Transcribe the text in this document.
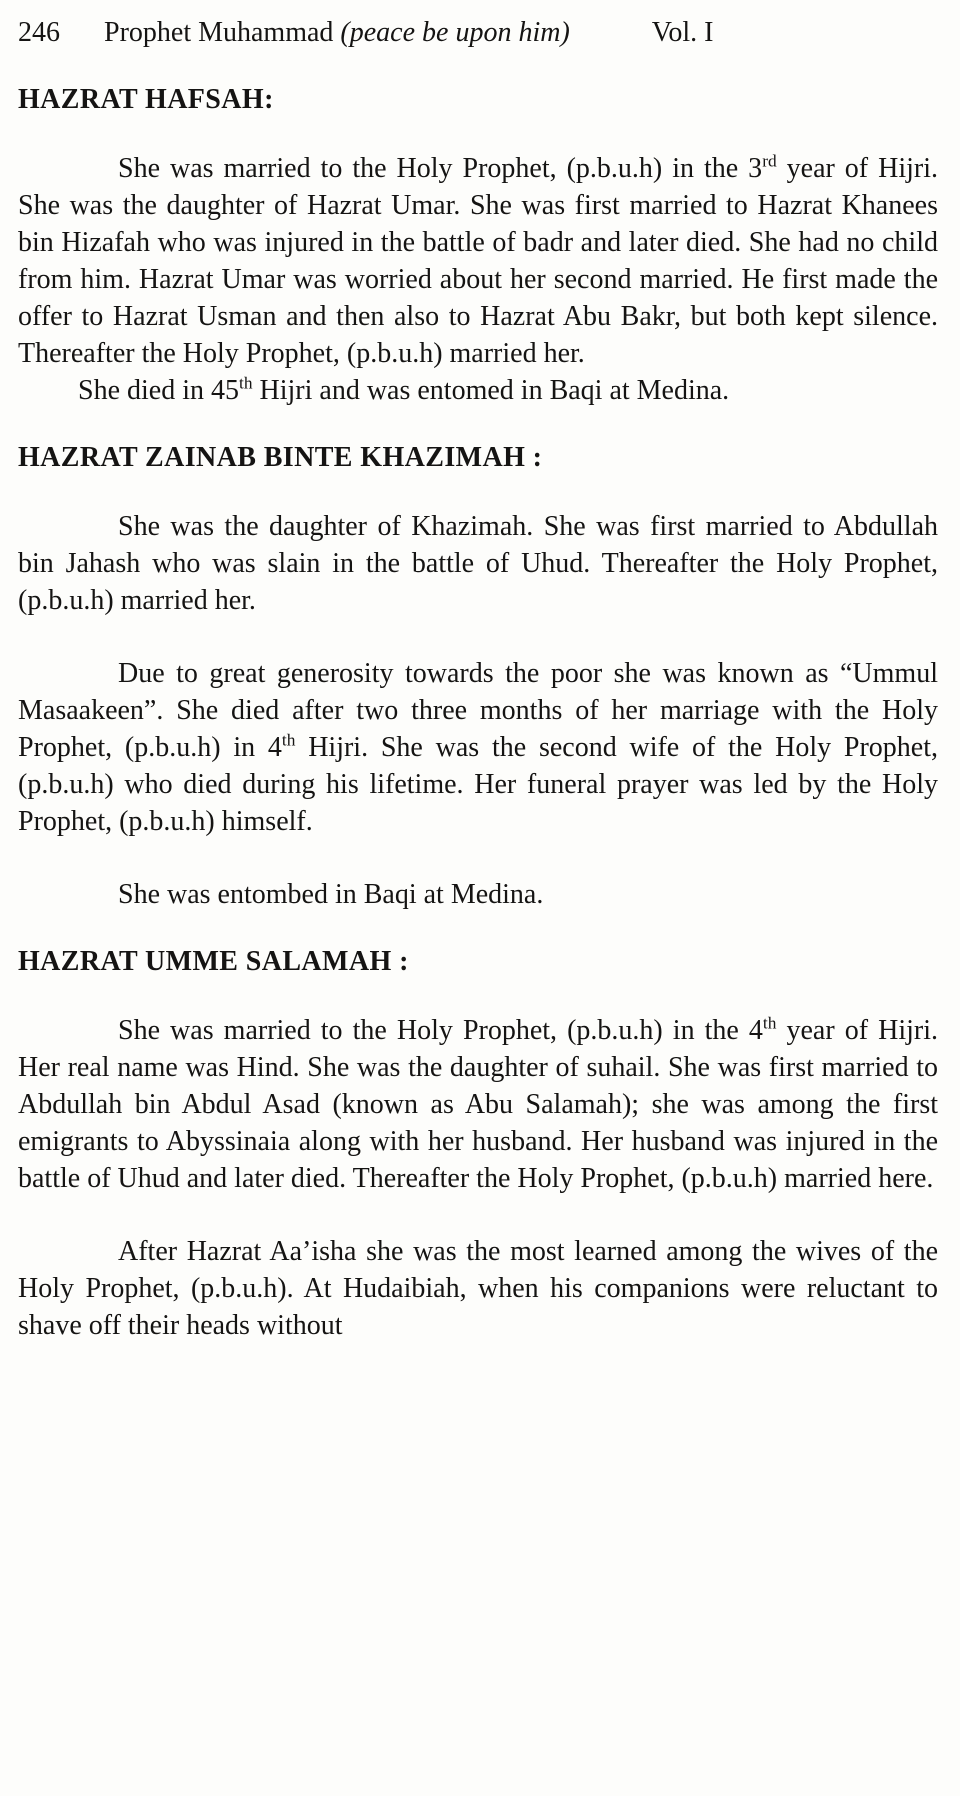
246 Prophet Muhammad (peace be upon him)	Vol. I
HAZRAT HAFSAH:

She was married to the Holy Prophet, (p.b.u.h) in the 3rd year of Hijri. She was the daughter of Hazrat Umar. She was first married to Hazrat Khanees bin Hizafah who was injured in the battle of badr and later died. She had no child from him. Hazrat Umar was worried about her second married. He first made the offer to Hazrat Usman and then also to Hazrat Abu Bakr, but both kept silence. Thereafter the Holy Prophet, (p.b.u.h) married her.

She died in 45th Hijri and was entomed in Baqi at Medina.

HAZRAT ZAINAB BINTE KHAZIMAH :

She was the daughter of Khazimah. She was first married to Abdullah bin Jahash who was slain in the battle of Uhud. Thereafter the Holy Prophet, (p.b.u.h) married her.

Due to great generosity towards the poor she was known as “Ummul Masaakeen”. She died after two three months of her marriage with the Holy Prophet, (p.b.u.h) in 4th Hijri. She was the second wife of the Holy Prophet, (p.b.u.h) who died during his lifetime. Her funeral prayer was led by the Holy Prophet, (p.b.u.h) himself.

She was entombed in Baqi at Medina.

HAZRAT UMME SALAMAH :

She was married to the Holy Prophet, (p.b.u.h) in the 4th year of Hijri. Her real name was Hind. She was the daughter of suhail. She was first married to Abdullah bin Abdul Asad (known as Abu Salamah); she was among the first emigrants to Abyssinaia along with her husband. Her husband was injured in the battle of Uhud and later died. Thereafter the Holy Prophet, (p.b.u.h) married here.

After Hazrat Aa’isha she was the most learned among the wives of the Holy Prophet, (p.b.u.h). At Hudaibiah, when his companions were reluctant to shave off their heads without
